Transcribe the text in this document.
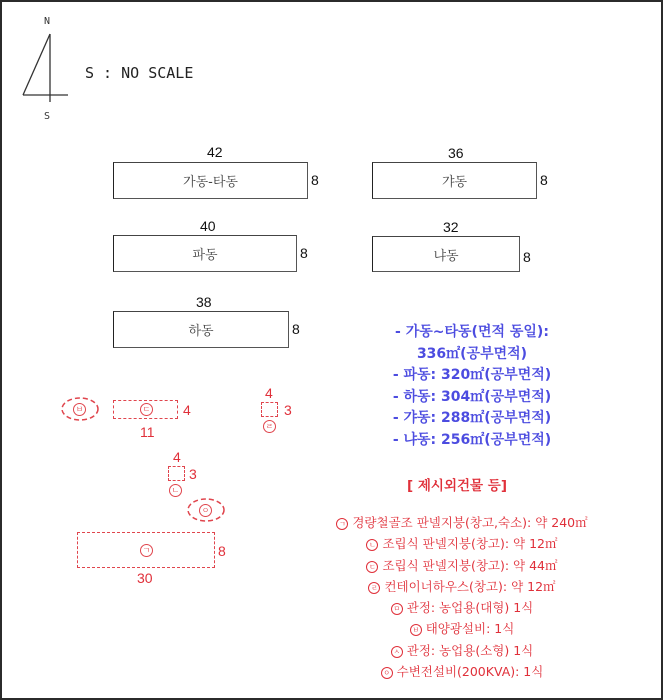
N
S
S : NO SCALE
42
가동-타동	8
36
갸동	8
40
파동	8
32
냐동	8
38
하동	8	- 가동~타동(면적 동일):
336㎡(공부면적)
- 파동: 320㎡(공부면적)
- 하동: 304㎡(공부면적)
- 갸동: 288㎡(공부면적)
- 냐동: 256㎡(공부면적)
ㅂ	ㄷ 4
11
4
3
ㄹ
4
3
ㄴ
ㅇ
ㄱ	8
30
[ 제시외건물 등]
ㄱ 경량철골조 판넬지붕(창고,숙소): 약 240㎡
ㄴ 조립식 판넬지붕(창고): 약 12㎡
ㄷ 조립식 판넬지붕(창고): 약 44㎡
ㄹ 컨테이너하우스(창고): 약 12㎡
ㅁ 관정: 농업용(대형) 1식
ㅂ 태양광설비: 1식
ㅅ 관정: 농업용(소형) 1식
ㅇ 수변전설비(200KVA): 1식
